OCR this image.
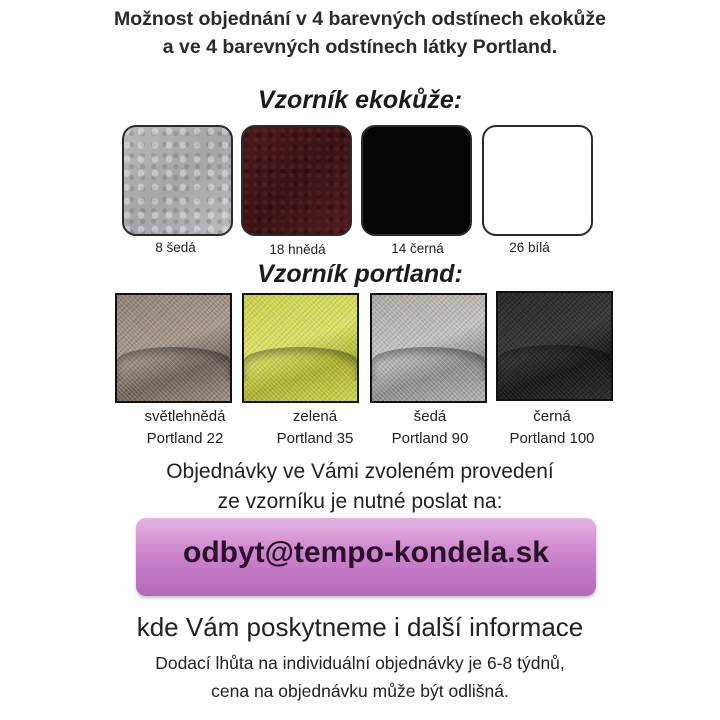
Možnost objednání v 4 barevných odstínech ekokůže
a ve 4 barevných odstínech látky Portland.
Vzorník ekokůže:
8 šedá	18 hnědá	14 černá	26 bílá
Vzorník portland:
světlehnědá
Portland 22
zelená
Portland 35
šedá
Portland 90
černá
Portland 100
Objednávky ve Vámi zvoleném provedení
ze vzorníku je nutné poslat na:
odbyt@tempo-kondela.sk
kde Vám poskytneme i další informace
Dodací lhůta na individuální objednávky je 6-8 týdnů,
cena na objednávku může být odlišná.
